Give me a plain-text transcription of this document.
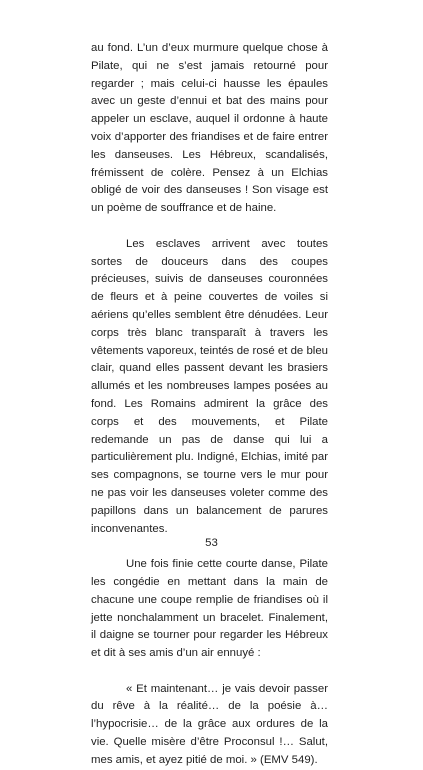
au fond. L’un d’eux murmure quelque chose à Pilate, qui ne s’est jamais retourné pour regarder ; mais celui-ci hausse les épaules avec un geste d’ennui et bat des mains pour appeler un esclave, auquel il ordonne à haute voix d’apporter des friandises et de faire entrer les danseuses. Les Hébreux, scandalisés, frémissent de colère. Pensez à un Elchias obligé de voir des danseuses ! Son visage est un poème de souffrance et de haine.

Les esclaves arrivent avec toutes sortes de douceurs dans des coupes précieuses, suivis de danseuses couronnées de fleurs et à peine couvertes de voiles si aériens qu’elles semblent être dénudées. Leur corps très blanc transparaît à travers les vêtements vaporeux, teintés de rosé et de bleu clair, quand elles passent devant les brasiers allumés et les nombreuses lampes posées au fond. Les Romains admirent la grâce des corps et des mouvements, et Pilate redemande un pas de danse qui lui a particulièrement plu. Indigné, Elchias, imité par ses compagnons, se tourne vers le mur pour ne pas voir les danseuses voleter comme des papillons dans un balancement de parures inconvenantes.

Une fois finie cette courte danse, Pilate les congédie en mettant dans la main de chacune une coupe remplie de friandises où il jette nonchalamment un bracelet. Finalement, il daigne se tourner pour regarder les Hébreux et dit à ses amis d’un air ennuyé :

« Et maintenant… je vais devoir passer du rêve à la réalité… de la poésie à… l’hypocrisie… de la grâce aux ordures de la vie. Quelle misère d’être Proconsul !… Salut, mes amis, et ayez pitié de moi. » (EMV 549).

53
